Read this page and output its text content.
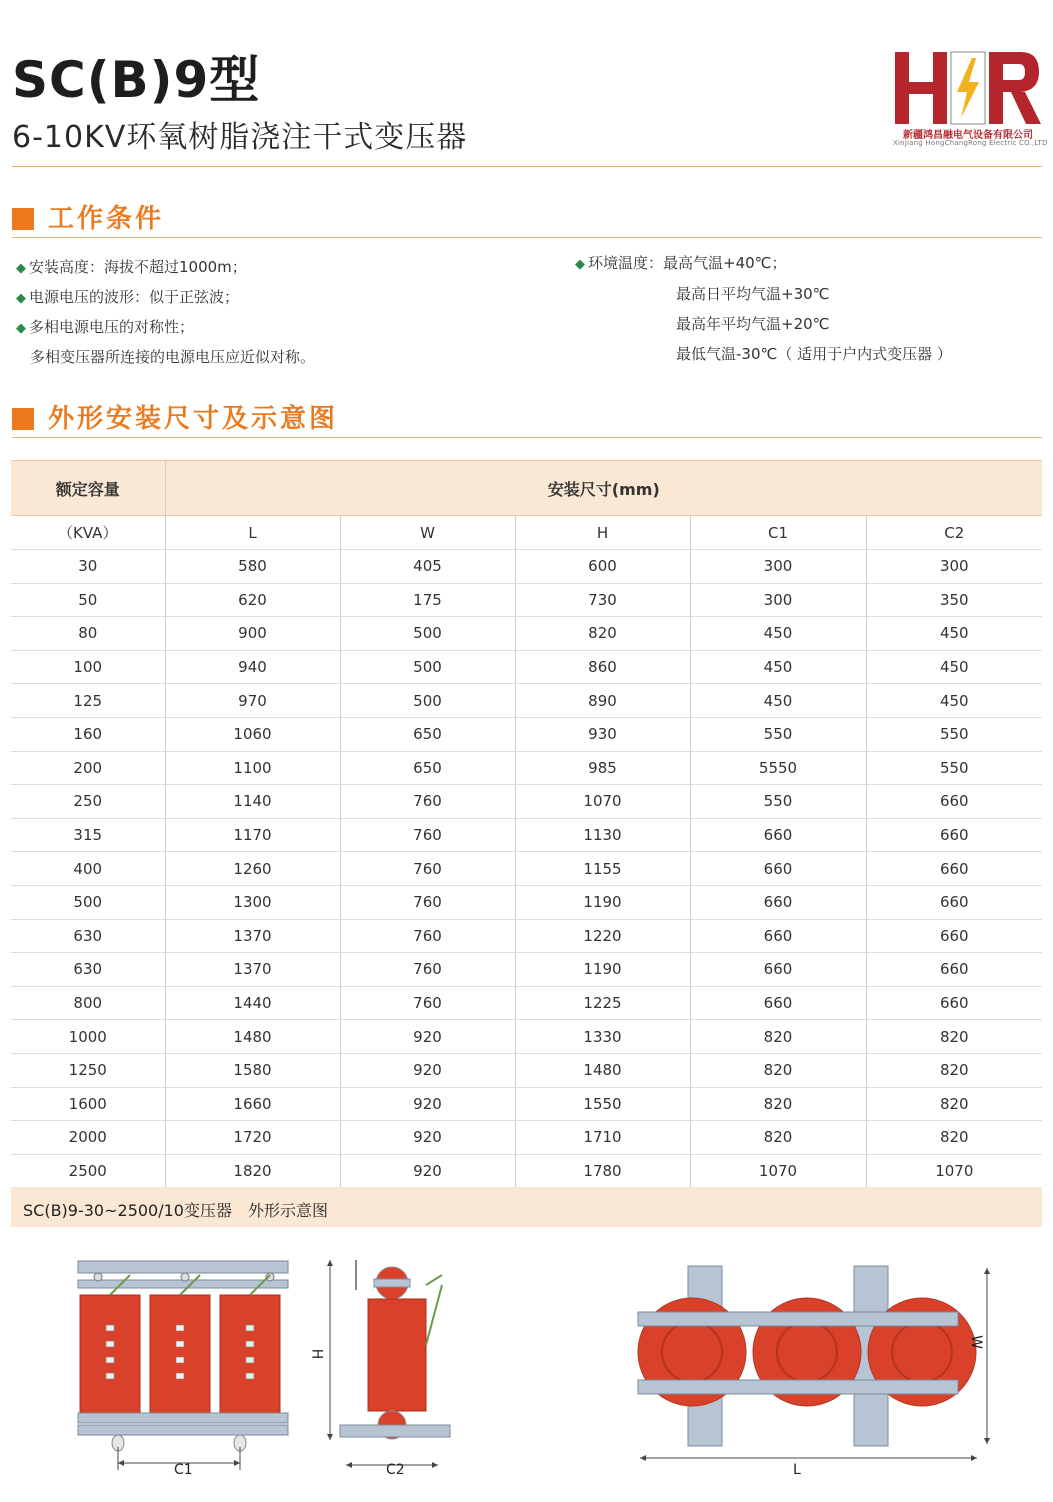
SC(B)9型
6-10KV环氧树脂浇注干式变压器	新疆鸿昌融电气设备有限公司
XinJiang HongChangRong Electric CO.,LTD
工作条件
◆ 安装高度：海拔不超过1000m；
◆ 电源电压的波形：似于正弦波；
◆ 多相电源电压的对称性；
多相变压器所连接的电源电压应近似对称。
◆ 环境温度：最高气温+40℃；
最高日平均气温+30℃
最高年平均气温+20℃
最低气温-30℃（ 适用于户内式变压器 ）
外形安装尺寸及示意图
额定容量	安装尺寸(mm)				
（KVA）	L	W	H	C1	C2
30	580	405	600	300	300
50	620	175	730	300	350
80	900	500	820	450	450
100	940	500	860	450	450
125	970	500	890	450	450
160	1060	650	930	550	550
200	1100	650	985	5550	550
250	1140	760	1070	550	660
315	1170	760	1130	660	660
400	1260	760	1155	660	660
500	1300	760	1190	660	660
630	1370	760	1220	660	660
630	1370	760	1190	660	660
800	1440	760	1225	660	660
1000	1480	920	1330	820	820
1250	1580	920	1480	820	820
1600	1660	920	1550	820	820
2000	1720	920	1710	820	820
2500	1820	920	1780	1070	1070
SC(B)9-30~2500/10变压器　外形示意图
C1
H
C2
W
L
